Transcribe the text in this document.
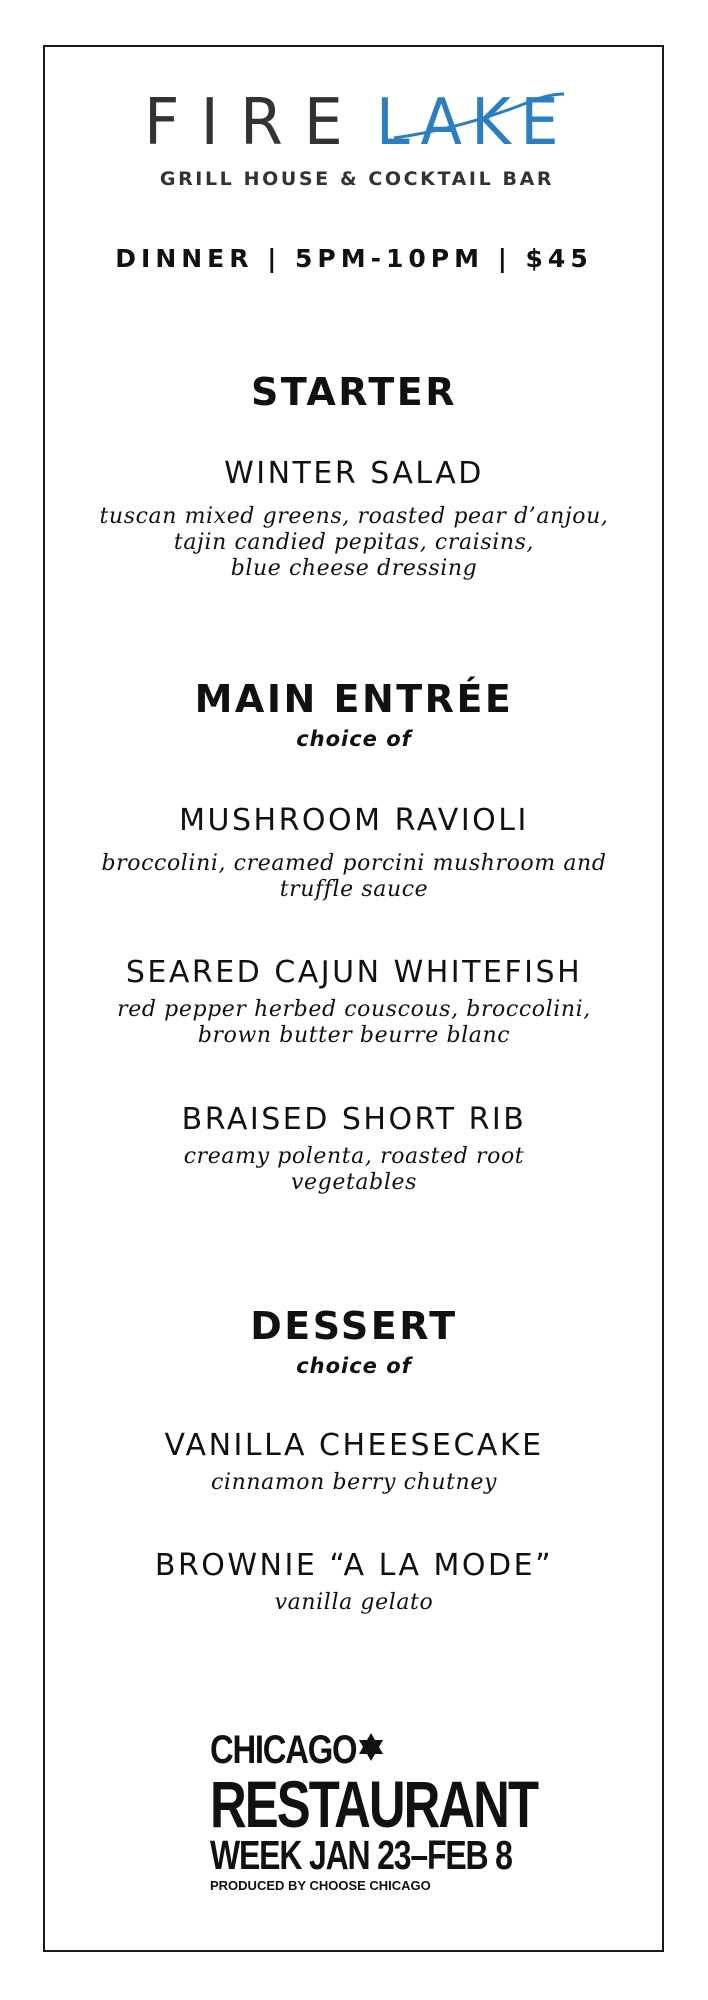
FIRE LAKE
GRILL HOUSE & COCKTAIL BAR
DINNER | 5PM-10PM | $45
STARTER
WINTER SALAD
tuscan mixed greens, roasted pear d’anjou,
tajin candied pepitas, craisins,
blue cheese dressing
MAIN ENTRÉE
choice of
MUSHROOM RAVIOLI
broccolini, creamed porcini mushroom and
truffle sauce
SEARED CAJUN WHITEFISH
red pepper herbed couscous, broccolini,
brown butter beurre blanc
BRAISED SHORT RIB
creamy polenta, roasted root
vegetables
DESSERT
choice of
VANILLA CHEESECAKE
cinnamon berry chutney
BROWNIE “A LA MODE”
vanilla gelato
CHICAGO
RESTAURANT
WEEK JAN 23–FEB 8
PRODUCED BY CHOOSE CHICAGO
